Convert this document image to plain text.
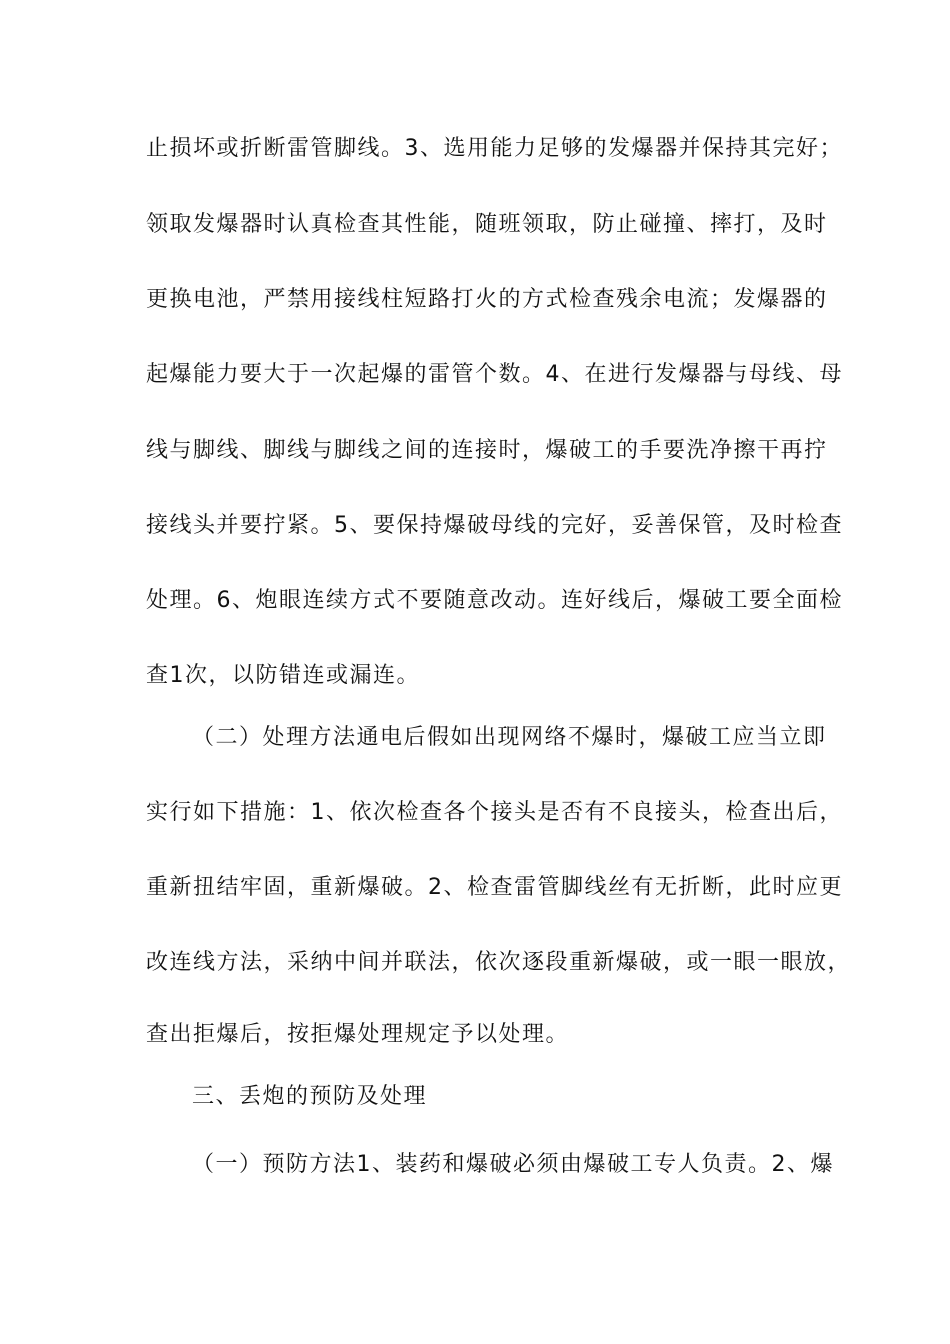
止损坏或折断雷管脚线。3、选用能力足够的发爆器并保持其完好；
领取发爆器时认真检查其性能，随班领取，防止碰撞、摔打，及时
更换电池，严禁用接线柱短路打火的方式检查残余电流；发爆器的
起爆能力要大于一次起爆的雷管个数。4、在进行发爆器与母线、母
线与脚线、脚线与脚线之间的连接时，爆破工的手要洗净擦干再拧
接线头并要拧紧。5、要保持爆破母线的完好，妥善保管，及时检查
处理。6、炮眼连续方式不要随意改动。连好线后，爆破工要全面检
查1次，以防错连或漏连。
（二）处理方法通电后假如出现网络不爆时，爆破工应当立即
实行如下措施：1、依次检查各个接头是否有不良接头，检查出后，
重新扭结牢固，重新爆破。2、检查雷管脚线丝有无折断，此时应更
改连线方法，采纳中间并联法，依次逐段重新爆破，或一眼一眼放，
查出拒爆后，按拒爆处理规定予以处理。
三、丢炮的预防及处理
（一）预防方法1、装药和爆破必须由爆破工专人负责。2、爆
